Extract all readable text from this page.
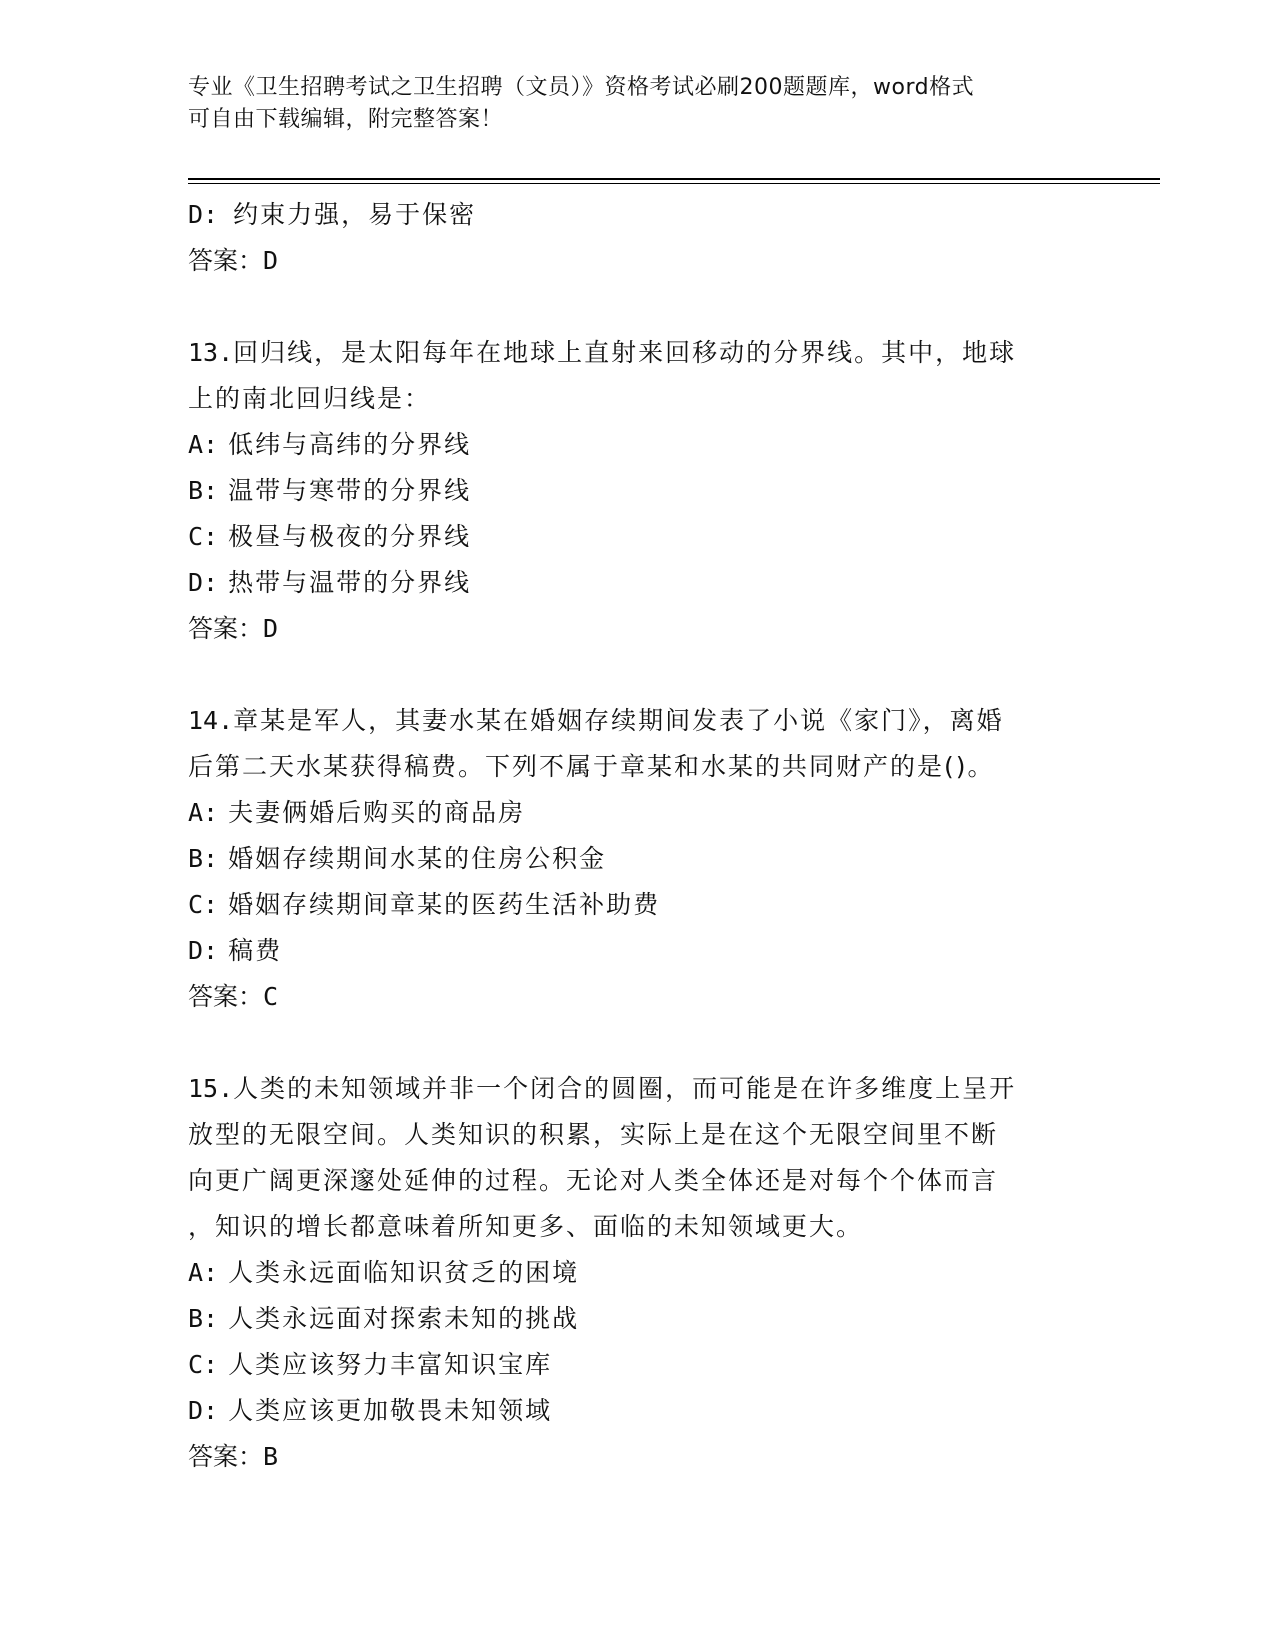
专业《卫生招聘考试之卫生招聘（文员）》资格考试必刷200题题库，word格式
可自由下载编辑，附完整答案！
D: 约束力强，易于保密
答案：D
13.回归线，是太阳每年在地球上直射来回移动的分界线。其中，地球
上的南北回归线是：
A: 低纬与高纬的分界线
B: 温带与寒带的分界线
C: 极昼与极夜的分界线
D: 热带与温带的分界线
答案：D
14.章某是军人，其妻水某在婚姻存续期间发表了小说《家门》，离婚
后第二天水某获得稿费。下列不属于章某和水某的共同财产的是()。
A: 夫妻俩婚后购买的商品房
B: 婚姻存续期间水某的住房公积金
C: 婚姻存续期间章某的医药生活补助费
D: 稿费
答案：C
15.人类的未知领域并非一个闭合的圆圈，而可能是在许多维度上呈开
放型的无限空间。人类知识的积累，实际上是在这个无限空间里不断
向更广阔更深邃处延伸的过程。无论对人类全体还是对每个个体而言
，知识的增长都意味着所知更多、面临的未知领域更大。
A: 人类永远面临知识贫乏的困境
B: 人类永远面对探索未知的挑战
C: 人类应该努力丰富知识宝库
D: 人类应该更加敬畏未知领域
答案：B
